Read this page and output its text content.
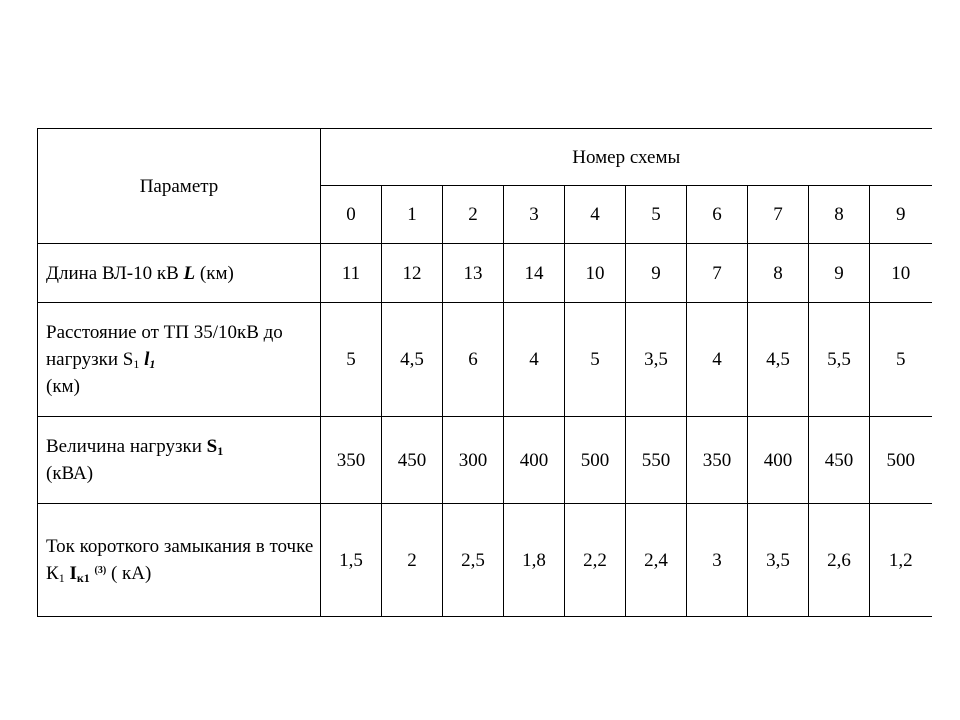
Параметр	Номер схемы									
	0	1	2	3	4	5	6	7	8	9
Длина ВЛ-10 кВ L (км)	11	12	13	14	10	9	7	8	9	10
Расстояние от ТП 35/10кВ до нагрузки $S_1$ $l_1$
(км)	5	4,5	6	4	5	3,5	4	4,5	5,5	5
Величина нагрузки $S_1$
(кВА)	350	450	300	400	500	550	350	400	450	500
Ток короткого замыкания в точке $К_1$ $I_{к1}$ $^{(3)}$ ( кА)	1,5	2	2,5	1,8	2,2	2,4	3	3,5	2,6	1,2
